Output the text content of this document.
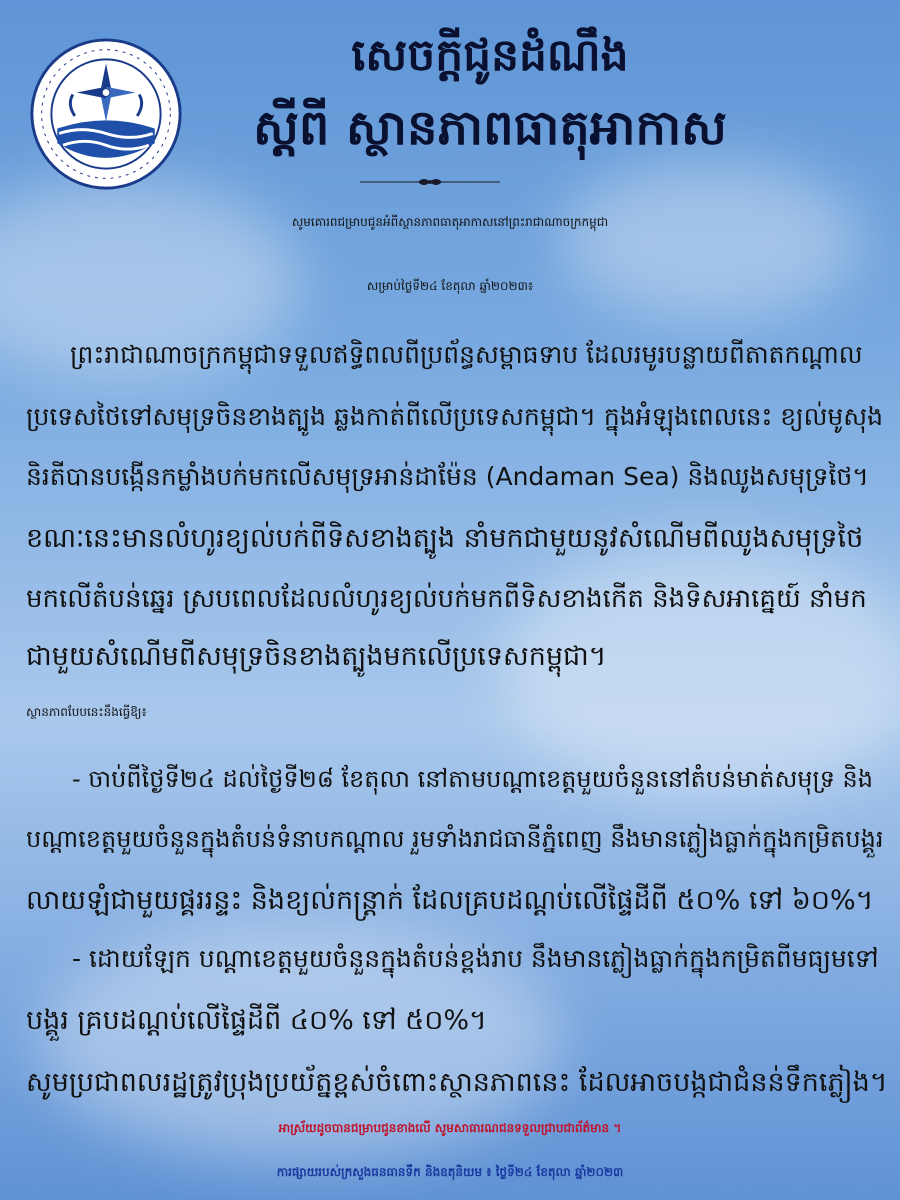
សេចក្តីជូនដំណឹង
ស្តីពី ស្ថានភាពធាតុអាកាស
សូមគោរពជម្រាបជូនអំពីស្ថានភាពធាតុអាកាសនៅព្រះរាជាណាចក្រកម្ពុជា
សម្រាប់ថ្ងៃទី២៤ ខែតុលា ឆ្នាំ២០២៣៖
ព្រះរាជាណាចក្រកម្ពុជាទទួលឥទ្ធិពលពីប្រព័ន្ធសម្ពាធទាប ដែលរមូរបន្លាយពីតាតកណ្តាល
ប្រទេសថៃទៅសមុទ្រចិនខាងត្បូង ឆ្លងកាត់ពីលើប្រទេសកម្ពុជា។ ក្នុងអំឡុងពេលនេះ ខ្យល់មូសុង
និរតីបានបង្កើនកម្លាំងបក់មកលើសមុទ្រអាន់ដាម៉ែន (Andaman Sea) និងឈូងសមុទ្រថៃ។
ខណៈនេះមានលំហូរខ្យល់បក់ពីទិសខាងត្បូង នាំមកជាមួយនូវសំណើមពីឈូងសមុទ្រថៃ
មកលើតំបន់ឆ្នេរ ស្របពេលដែលលំហូរខ្យល់បក់មកពីទិសខាងកើត និងទិសអាគ្នេយ៍ នាំមក
ជាមួយសំណើមពីសមុទ្រចិនខាងត្បូងមកលើប្រទេសកម្ពុជា។
ស្ថានភាពបែបនេះនឹងធ្វើឱ្យ៖
- ចាប់ពីថ្ងៃទី២៤ ដល់ថ្ងៃទី២៨ ខែតុលា នៅតាមបណ្តាខេត្តមួយចំនួននៅតំបន់មាត់សមុទ្រ និង
បណ្តាខេត្តមួយចំនួនក្នុងតំបន់ទំនាបកណ្តាល រួមទាំងរាជធានីភ្នំពេញ នឹងមានភ្លៀងធ្លាក់ក្នុងកម្រិតបង្គួរ
លាយឡំជាមួយផ្គររន្ទះ និងខ្យល់កន្ត្រាក់ ដែលគ្របដណ្តប់លើផ្ទៃដីពី ៥០% ទៅ ៦០%។
- ដោយឡែក បណ្តាខេត្តមួយចំនួនក្នុងតំបន់ខ្ពង់រាប នឹងមានភ្លៀងធ្លាក់ក្នុងកម្រិតពីមធ្យមទៅ
បង្គួរ គ្របដណ្តប់លើផ្ទៃដីពី ៤០% ទៅ ៥០%។
សូមប្រជាពលរដ្ឋត្រូវប្រុងប្រយ័ត្នខ្ពស់ចំពោះស្ថានភាពនេះ ដែលអាចបង្កជាជំនន់ទឹកភ្លៀង។
អាស្រ័យដូចបានជម្រាបជូនខាងលើ សូមសាធារណជនទទួលជ្រាបជាព័ត៌មាន ។
ការផ្សាយរបស់ក្រសួងធនធានទឹក និងឧតុនិយម ៖ ថ្ងៃទី២៤ ខែតុលា ឆ្នាំ២០២៣
